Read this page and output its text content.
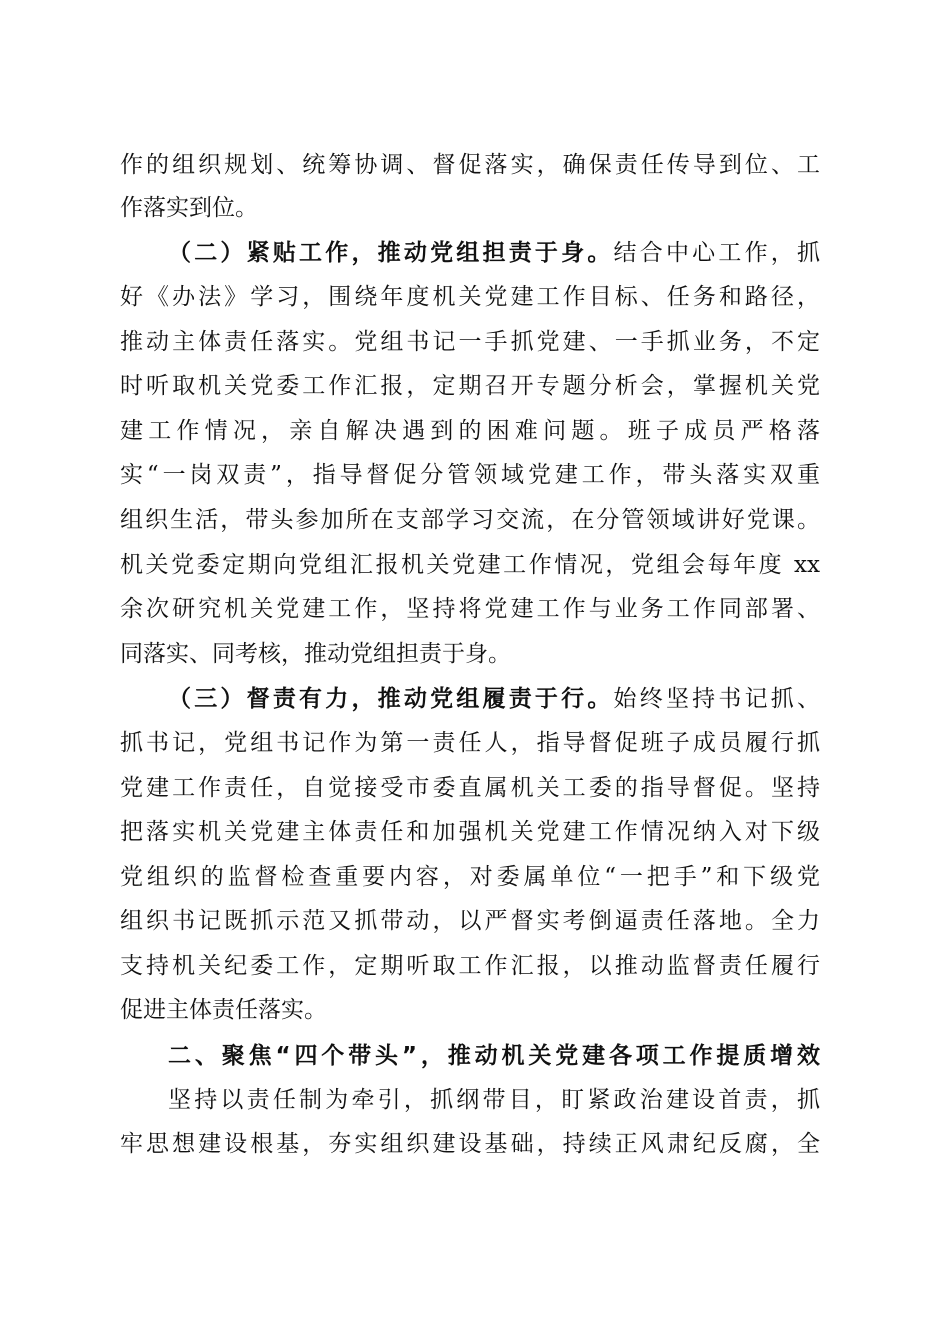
作的组织规划、统筹协调、督促落实，确保责任传导到位、工
作落实到位。
（二）紧贴工作，推动党组担责于身。结合中心工作，抓
好《办法》学习，围绕年度机关党建工作目标、任务和路径，
推动主体责任落实。党组书记一手抓党建、一手抓业务，不定
时听取机关党委工作汇报，定期召开专题分析会，掌握机关党
建工作情况，亲自解决遇到的困难问题。班子成员严格落
实“一岗双责”，指导督促分管领域党建工作，带头落实双重
组织生活，带头参加所在支部学习交流，在分管领域讲好党课。
机关党委定期向党组汇报机关党建工作情况，党组会每年度 xx
余次研究机关党建工作，坚持将党建工作与业务工作同部署、
同落实、同考核，推动党组担责于身。
（三）督责有力，推动党组履责于行。始终坚持书记抓、
抓书记，党组书记作为第一责任人，指导督促班子成员履行抓
党建工作责任，自觉接受市委直属机关工委的指导督促。坚持
把落实机关党建主体责任和加强机关党建工作情况纳入对下级
党组织的监督检查重要内容，对委属单位“一把手”和下级党
组织书记既抓示范又抓带动，以严督实考倒逼责任落地。全力
支持机关纪委工作，定期听取工作汇报，以推动监督责任履行
促进主体责任落实。
二、聚焦“四个带头”，推动机关党建各项工作提质增效
坚持以责任制为牵引，抓纲带目，盯紧政治建设首责，抓
牢思想建设根基，夯实组织建设基础，持续正风肃纪反腐，全
